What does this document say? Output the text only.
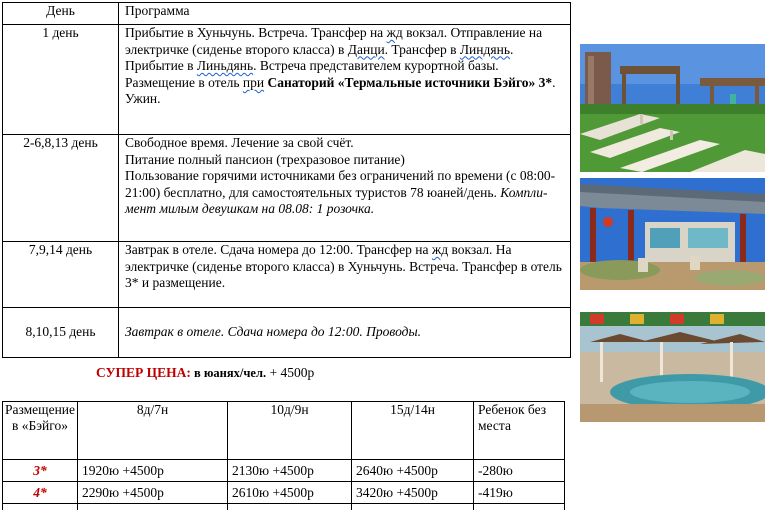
День	Программа
1 день	Прибытие в Хуньчунь. Встреча. Трансфер на жд вокзал. Отправление на электричке (сиденье второго класса) в Данци. Трансфер в Линдянь. Прибытие в Линьдянь. Встреча представителем курортной базы. Размещение в отель при Санаторий «Термальные источники Бэйго» 3*. Ужин.
2-6,8,13 день	Свободное время. Лечение за свой счёт.
Питание полный пансион (трехразовое питание)
Пользование горячими источниками без ограничений по времени (с 08:00-21:00) бесплатно, для самостоятельных туристов 78 юаней/день. Комплимент милым девушкам на 08.08: 1 розочка.

7,9,14 день	Завтрак в отеле. Сдача номера до 12:00. Трансфер на жд вокзал. На электричке (сиденье второго класса) в Хуньчунь. Встреча. Трансфер в отель 3* и размещение.
8,10,15 день	Завтрак в отеле. Сдача номера до 12:00. Проводы.
СУПЕР ЦЕНА: в юанях/чел. + 4500р
Размещение в «Бэйго»	8д/7н	10д/9н	15д/14н	Ребенок без места
3*	1920ю +4500р	2130ю +4500р	2640ю +4500р	-280ю
4*	2290ю +4500р	2610ю +4500р	3420ю +4500р	-419ю
